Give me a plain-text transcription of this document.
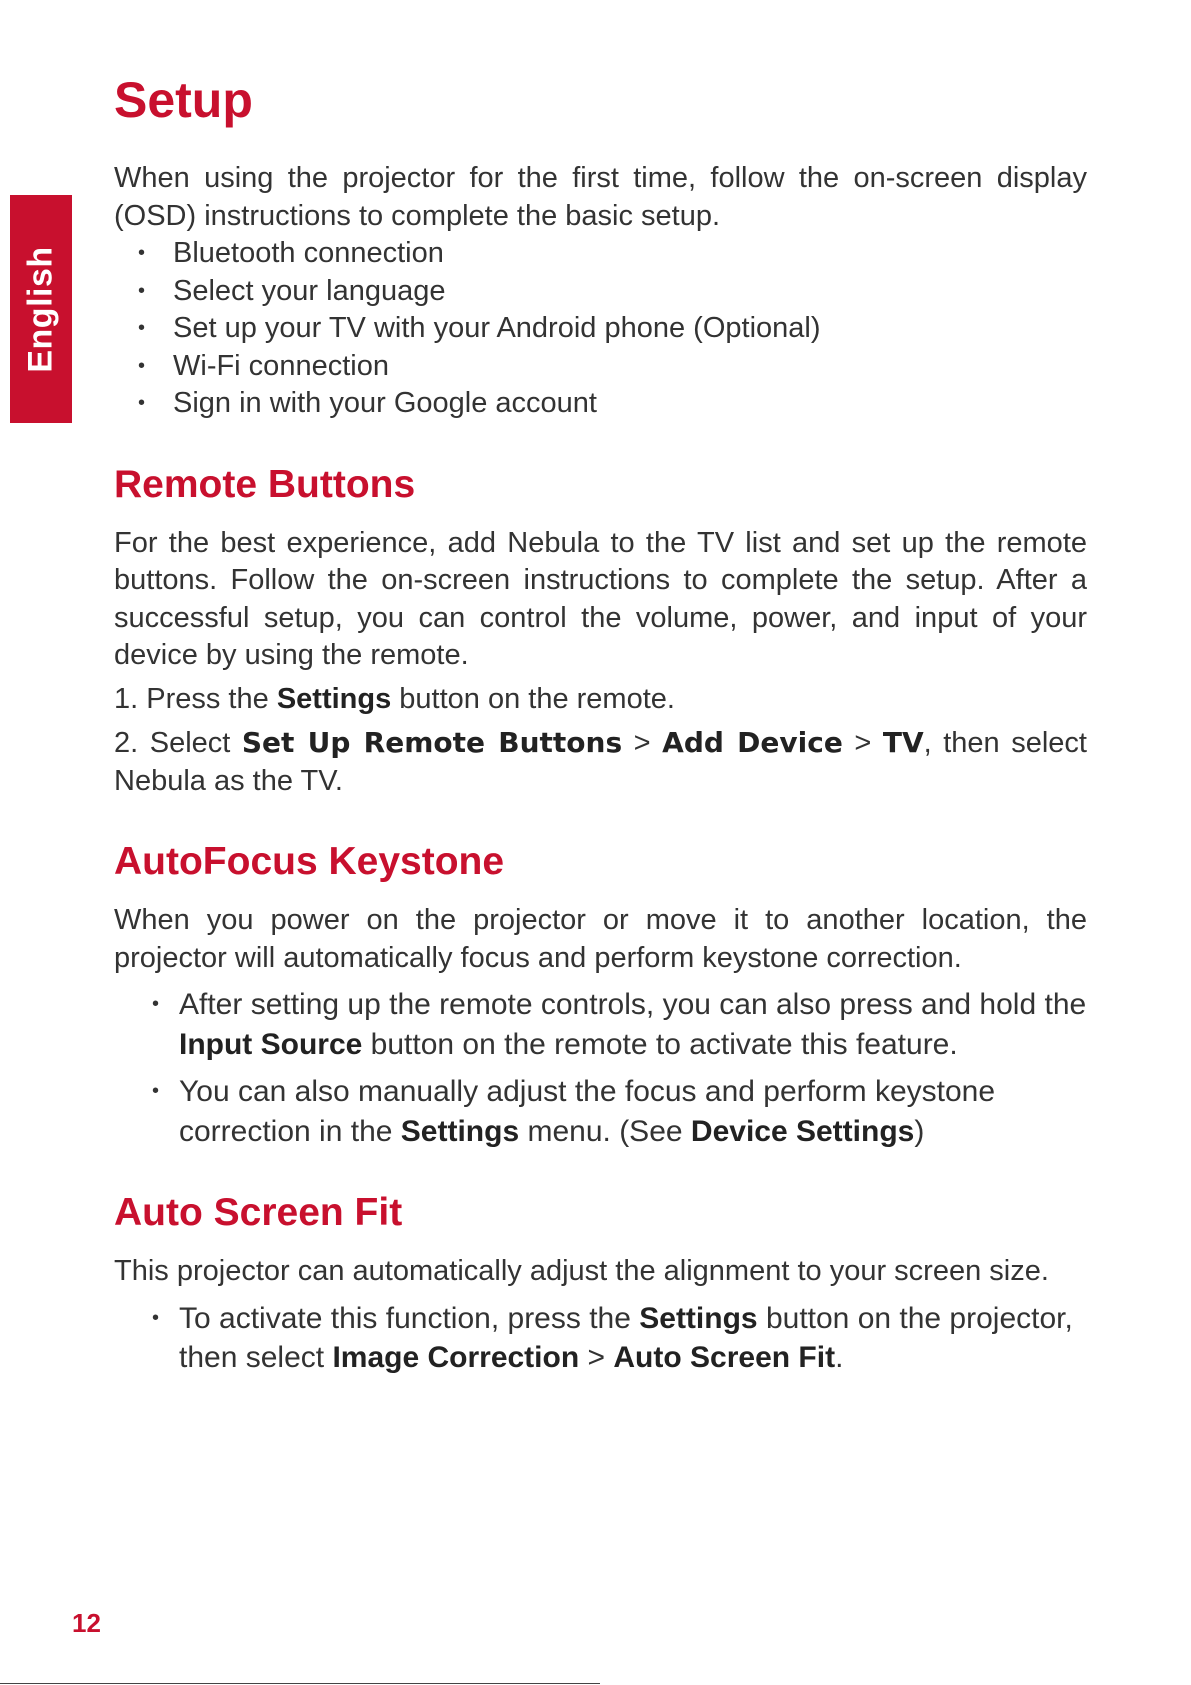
English
Setup

When using the projector for the first time, follow the on-screen display (OSD) instructions to complete the basic setup.

• Bluetooth connection
• Select your language
• Set up your TV with your Android phone (Optional)
• Wi-Fi connection
• Sign in with your Google account
Remote Buttons

For the best experience, add Nebula to the TV list and set up the remote buttons. Follow the on-screen instructions to complete the setup. After a successful setup, you can control the volume, power, and input of your device by using the remote.

1. Press the Settings button on the remote.

2. Select Set Up Remote Buttons > Add Device > TV, then select
Nebula as the TV.

AutoFocus Keystone

When you power on the projector or move it to another location, the projector will automatically focus and perform keystone correction.

• After setting up the remote controls, you can also press and hold the Input Source button on the remote to activate this feature.
• You can also manually adjust the focus and perform keystone correction in the Settings menu. (See Device Settings)
Auto Screen Fit

This projector can automatically adjust the alignment to your screen size.

• To activate this function, press the Settings button on the projector, then select Image Correction > Auto Screen Fit.
12
